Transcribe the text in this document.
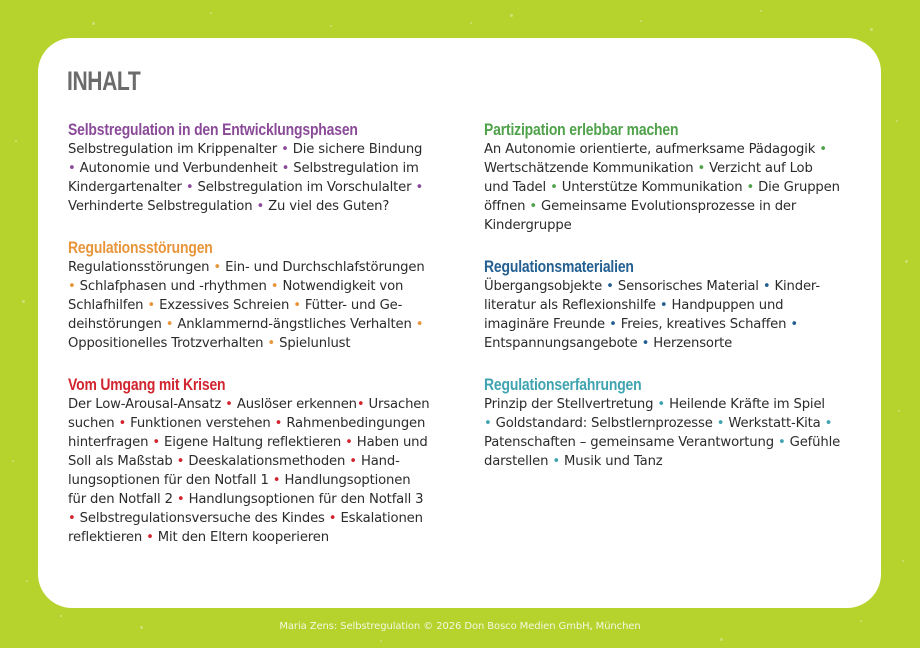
INHALT
Selbstregulation in den Entwicklungsphasen

Selbstregulation im Krippenalter • Die sichere Bindung
• Autonomie und Verbundenheit • Selbstregulation im
Kindergartenalter • Selbstregulation im Vorschulalter •
Verhinderte Selbstregulation • Zu viel des Guten?

Regulationsstörungen

Regulationsstörungen • Ein- und Durchschlafstörungen
• Schlafphasen und -rhythmen • Notwendigkeit von
Schlafhilfen • Exzessives Schreien • Fütter- und Ge-
deihstörungen • Anklammernd-ängstliches Verhalten •
Oppositionelles Trotzverhalten • Spielunlust

Vom Umgang mit Krisen

Der Low-Arousal-Ansatz • Auslöser erkennen• Ursachen
suchen • Funktionen verstehen • Rahmenbedingungen
hinterfragen • Eigene Haltung reflektieren • Haben und
Soll als Maßstab • Deeskalationsmethoden • Hand-
lungsoptionen für den Notfall 1 • Handlungsoptionen
für den Notfall 2 • Handlungsoptionen für den Notfall 3
• Selbstregulationsversuche des Kindes • Eskalationen
reflektieren • Mit den Eltern kooperieren

Partizipation erlebbar machen

An Autonomie orientierte, aufmerksame Pädagogik •
Wertschätzende Kommunikation • Verzicht auf Lob
und Tadel • Unterstütze Kommunikation • Die Gruppen
öffnen • Gemeinsame Evolutionsprozesse in der
Kindergruppe

Regulationsmaterialien

Übergangsobjekte • Sensorisches Material • Kinder-
literatur als Reflexionshilfe • Handpuppen und
imaginäre Freunde • Freies, kreatives Schaffen •
Entspannungsangebote • Herzensorte

Regulationserfahrungen

Prinzip der Stellvertretung • Heilende Kräfte im Spiel
• Goldstandard: Selbstlernprozesse • Werkstatt-Kita •
Patenschaften – gemeinsame Verantwortung • Gefühle
darstellen • Musik und Tanz

Maria Zens: Selbstregulation © 2026 Don Bosco Medien GmbH, München
